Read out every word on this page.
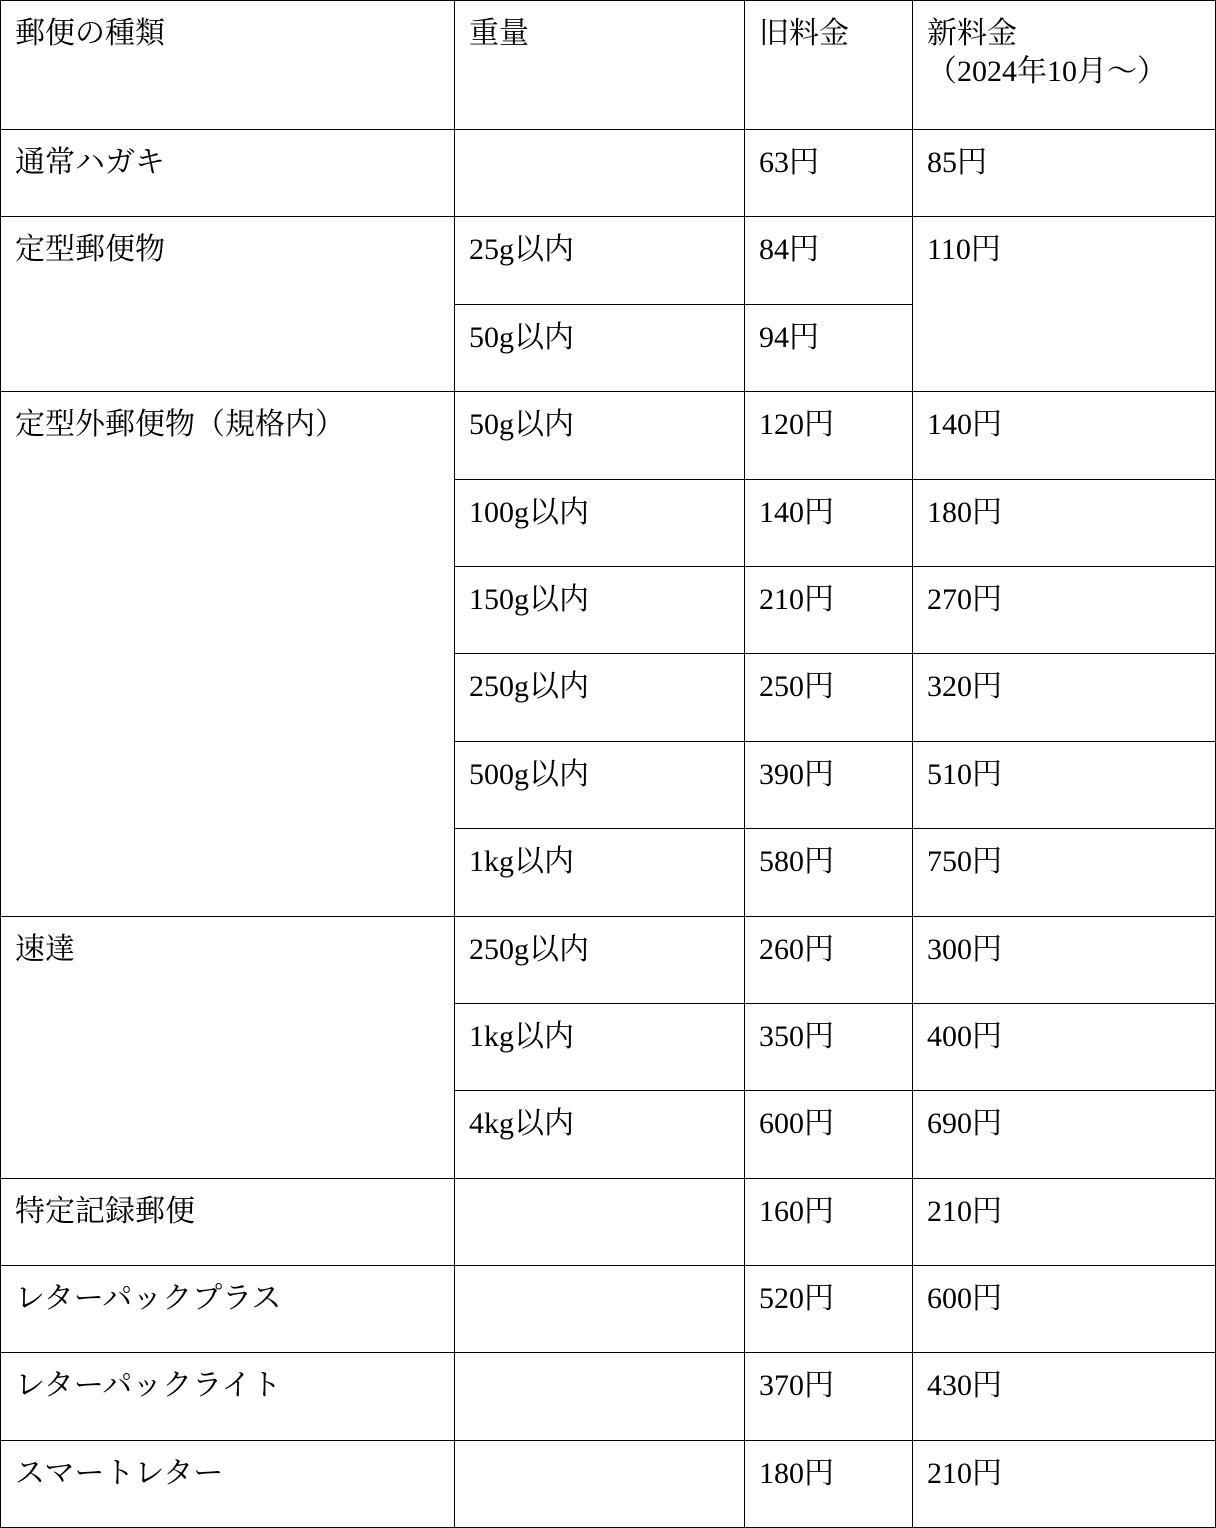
郵便の種類	重量	旧料金	新料金
（2024年10月〜）

通常ハガキ		63円	85円
定型郵便物	25g以内	84円	110円
	50g以内	94円	
定型外郵便物（規格内）	50g以内	120円	140円
	100g以内	140円	180円
	150g以内	210円	270円
	250g以内	250円	320円
	500g以内	390円	510円
	1kg以内	580円	750円
速達	250g以内	260円	300円
	1kg以内	350円	400円
	4kg以内	600円	690円
特定記録郵便		160円	210円
レターパックプラス		520円	600円
レターパックライト		370円	430円
スマートレター		180円	210円
